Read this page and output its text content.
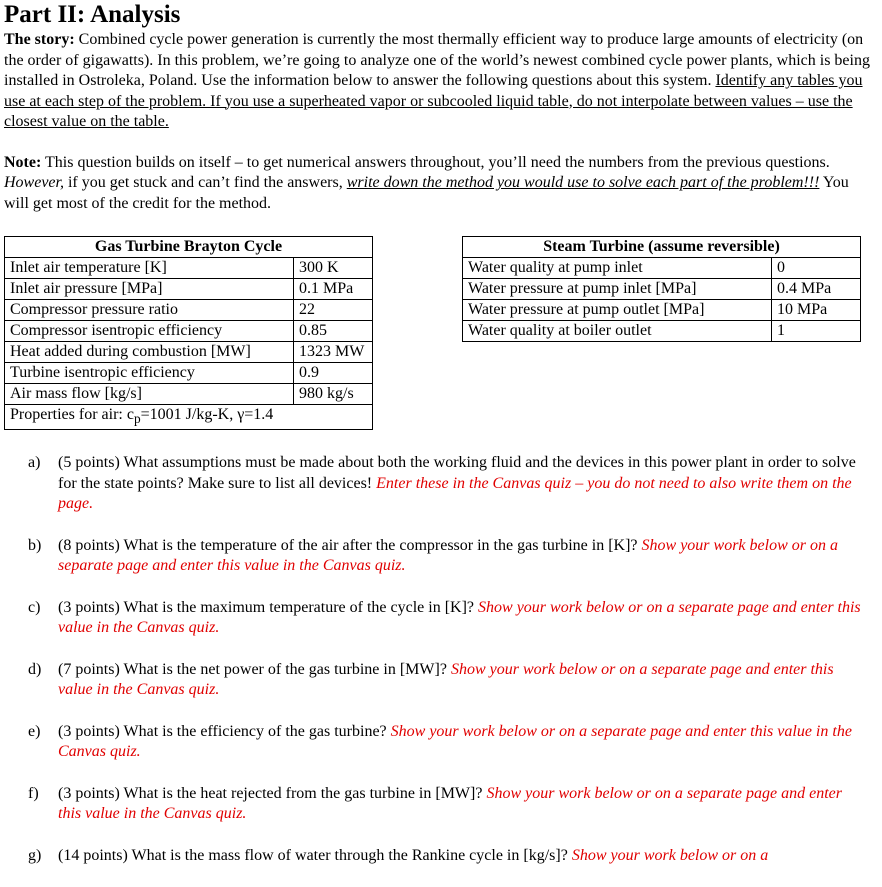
Part II: Analysis

The story: Combined cycle power generation is currently the most thermally efficient way to produce large amounts of electricity (on the order of gigawatts). In this problem, we’re going to analyze one of the world’s newest combined cycle power plants, which is being installed in Ostroleka, Poland. Use the information below to answer the following questions about this system. Identify any tables you use at each step of the problem. If you use a superheated vapor or subcooled liquid table, do not interpolate between values – use the closest value on the table.

Note: This question builds on itself – to get numerical answers throughout, you’ll need the numbers from the previous questions. However, if you get stuck and can’t find the answers, write down the method you would use to solve each part of the problem!!! You will get most of the credit for the method.

Gas Turbine Brayton Cycle	
Inlet air temperature [K]	300 K
Inlet air pressure [MPa]	0.1 MPa
Compressor pressure ratio	22
Compressor isentropic efficiency	0.85
Heat added during combustion [MW]	1323 MW
Turbine isentropic efficiency	0.9
Air mass flow [kg/s]	980 kg/s
Properties for air: $c_p=1001$ J/kg-K, γ=1.4	
Steam Turbine (assume reversible)	
Water quality at pump inlet	0
Water pressure at pump inlet [MPa]	0.4 MPa
Water pressure at pump outlet [MPa]	10 MPa
Water quality at boiler outlet	1
a)	(5 points) What assumptions must be made about both the working fluid and the devices in this power plant in order to solve for the state points? Make sure to list all devices! Enter these in the Canvas quiz – you do not need to also write them on the page.
b)	(8 points) What is the temperature of the air after the compressor in the gas turbine in [K]? Show your work below or on a separate page and enter this value in the Canvas quiz.
c)	(3 points) What is the maximum temperature of the cycle in [K]? Show your work below or on a separate page and enter this value in the Canvas quiz.
d)	(7 points) What is the net power of the gas turbine in [MW]? Show your work below or on a separate page and enter this value in the Canvas quiz.
e)	(3 points) What is the efficiency of the gas turbine? Show your work below or on a separate page and enter this value in the Canvas quiz.
f)	(3 points) What is the heat rejected from the gas turbine in [MW]? Show your work below or on a separate page and enter this value in the Canvas quiz.
g)	(14 points) What is the mass flow of water through the Rankine cycle in [kg/s]? Show your work below or on a
